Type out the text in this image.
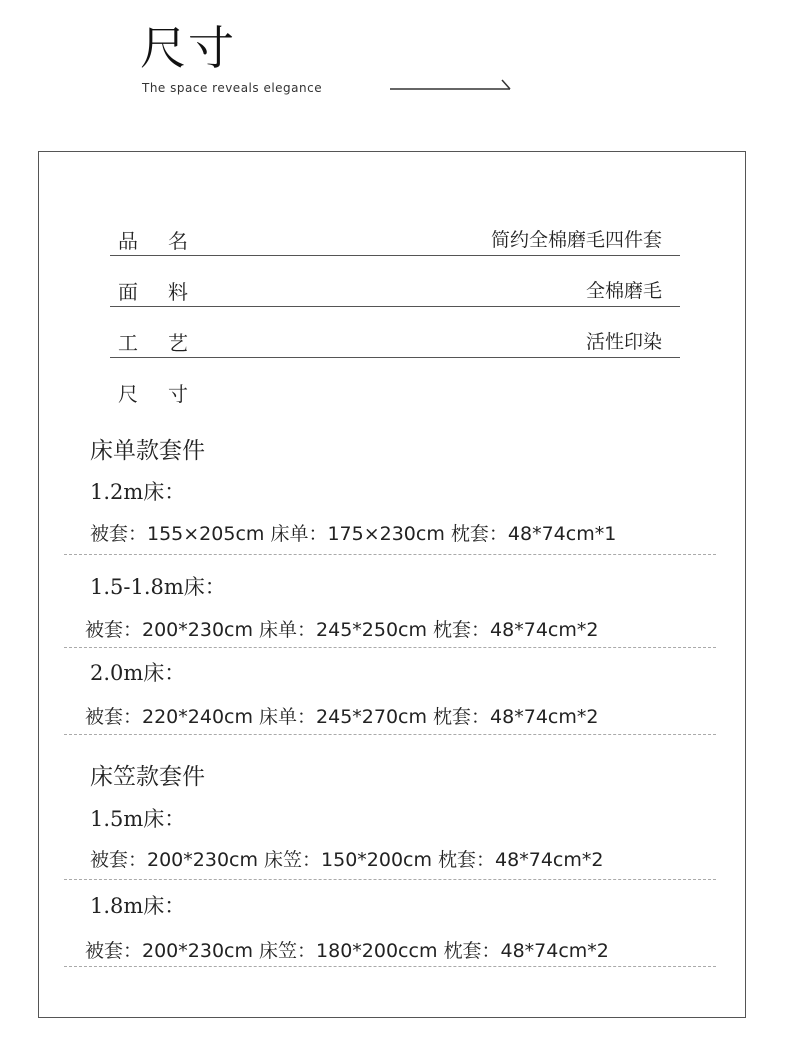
尺寸
The space reveals elegance
品名	简约全棉磨毛四件套
面料	全棉磨毛
工艺	活性印染
尺寸
床单款套件
1.2m床：
被套：155×205cm 床单：175×230cm 枕套：48*74cm*1
1.5-1.8m床：
被套：200*230cm 床单：245*250cm 枕套：48*74cm*2
2.0m床：
被套：220*240cm 床单：245*270cm 枕套：48*74cm*2
床笠款套件
1.5m床：
被套：200*230cm 床笠：150*200cm 枕套：48*74cm*2
1.8m床：
被套：200*230cm 床笠：180*200ccm 枕套：48*74cm*2
